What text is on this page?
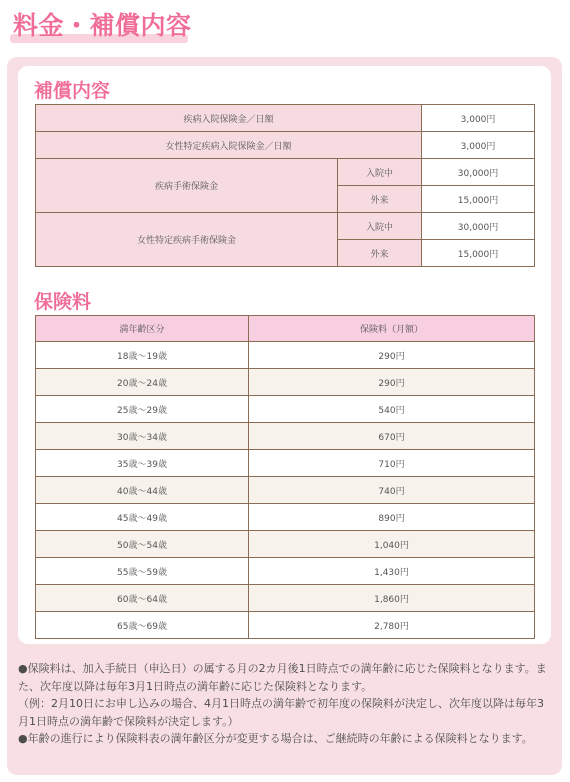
料金・補償内容
補償内容
疾病入院保険金／日額		3,000円
女性特定疾病入院保険金／日額		3,000円
疾病手術保険金	入院中	30,000円
	外来	15,000円
女性特定疾病手術保険金	入院中	30,000円
	外来	15,000円
保険料
満年齢区分	保険料（月額）
18歳〜19歳	290円
20歳〜24歳	290円
25歳〜29歳	540円
30歳〜34歳	670円
35歳〜39歳	710円
40歳〜44歳	740円
45歳〜49歳	890円
50歳〜54歳	1,040円
55歳〜59歳	1,430円
60歳〜64歳	1,860円
65歳〜69歳	2,780円

●保険料は、加入手続日（申込日）の属する月の2カ月後1日時点での満年齢に応じた保険料となります。また、次年度以降は毎年3月1日時点の満年齢に応じた保険料となります。

（例：2月10日にお申し込みの場合、4月1日時点の満年齢で初年度の保険料が決定し、次年度以降は毎年3月1日時点の満年齢で保険料が決定します。）

●年齢の進行により保険料表の満年齢区分が変更する場合は、ご継続時の年齢による保険料となります。
